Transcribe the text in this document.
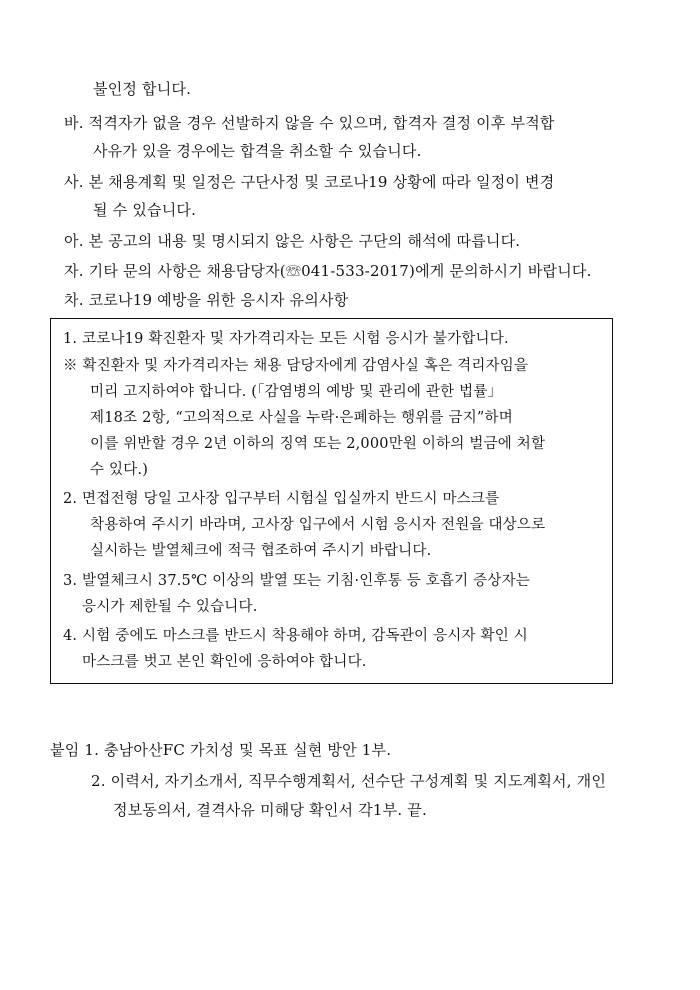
불인정 합니다.
바. 적격자가 없을 경우 선발하지 않을 수 있으며, 합격자 결정 이후 부적합
사유가 있을 경우에는 합격을 취소할 수 있습니다.
사. 본 채용계획 및 일정은 구단사정 및 코로나19 상황에 따라 일정이 변경
될 수 있습니다.
아. 본 공고의 내용 및 명시되지 않은 사항은 구단의 해석에 따릅니다.
자. 기타 문의 사항은 채용담당자(☏041-533-2017)에게 문의하시기 바랍니다.
차. 코로나19 예방을 위한 응시자 유의사항
1. 코로나19 확진환자 및 자가격리자는 모든 시험 응시가 불가합니다.
※ 확진환자 및 자가격리자는 채용 담당자에게 감염사실 혹은 격리자임을
미리 고지하여야 합니다. (「감염병의 예방 및 관리에 관한 법률」
제18조 2항, “고의적으로 사실을 누락·은폐하는 행위를 금지”하며
이를 위반할 경우 2년 이하의 징역 또는 2,000만원 이하의 벌금에 처할
수 있다.)
2. 면접전형 당일 고사장 입구부터 시험실 입실까지 반드시 마스크를
착용하여 주시기 바라며, 고사장 입구에서 시험 응시자 전원을 대상으로
실시하는 발열체크에 적극 협조하여 주시기 바랍니다.
3. 발열체크시 37.5℃ 이상의 발열 또는 기침·인후통 등 호흡기 증상자는
응시가 제한될 수 있습니다.
4. 시험 중에도 마스크를 반드시 착용해야 하며, 감독관이 응시자 확인 시
마스크를 벗고 본인 확인에 응하여야 합니다.
붙임 1. 충남아산FC 가치성 및 목표 실현 방안 1부.
2. 이력서, 자기소개서, 직무수행계획서, 선수단 구성계획 및 지도계획서, 개인
정보동의서, 결격사유 미해당 확인서 각1부. 끝.
